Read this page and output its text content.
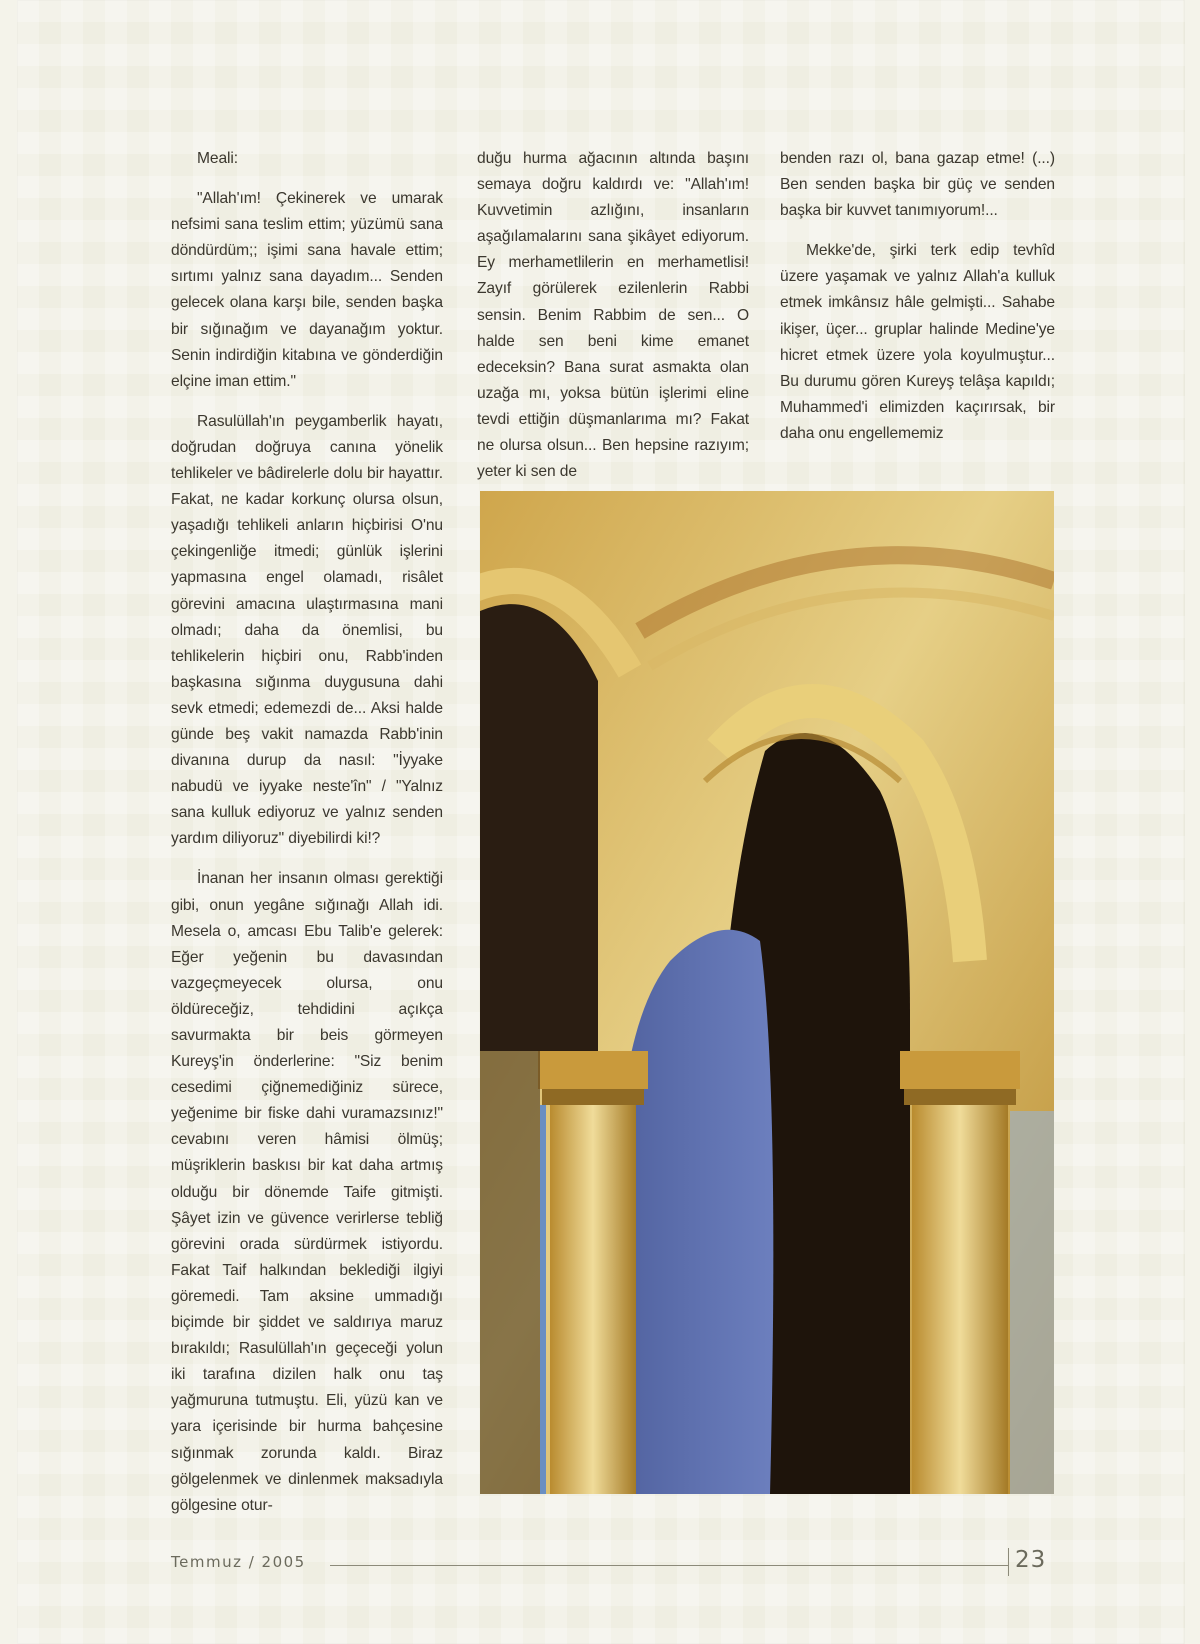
Meali:

"Allah'ım! Çekinerek ve umarak nefsimi sana teslim ettim; yüzümü sana döndürdüm;; işimi sana havale ettim; sırtımı yalnız sana dayadım... Senden gelecek olana karşı bile, senden başka bir sığınağım ve dayanağım yoktur. Senin indirdiğin kitabına ve gönderdiğin elçine iman ettim."

Rasulüllah'ın peygamberlik hayatı, doğrudan doğruya canına yönelik tehlikeler ve bâdirelerle dolu bir hayattır. Fakat, ne kadar korkunç olursa olsun, yaşadığı tehlikeli anların hiçbirisi O'nu çekingenliğe itmedi; günlük işlerini yapmasına engel olamadı, risâlet görevini amacına ulaştırmasına mani olmadı; daha da önemlisi, bu tehlikelerin hiçbiri onu, Rabb'inden başkasına sığınma duygusuna dahi sevk etmedi; edemezdi de... Aksi halde günde beş vakit namazda Rabb'inin divanına durup da nasıl: "İyyake nabudü ve iyyake neste'în" / "Yalnız sana kulluk ediyoruz ve yalnız senden yardım diliyoruz" diyebilirdi ki!?

İnanan her insanın olması gerektiği gibi, onun yegâne sığınağı Allah idi. Mesela o, amcası Ebu Talib'e gelerek: Eğer yeğenin bu davasından vazgeçmeyecek olursa, onu öldüreceğiz, tehdidini açıkça savurmakta bir beis görmeyen Kureyş'in önderlerine: "Siz benim cesedimi çiğnemediğiniz sürece, yeğenime bir fiske dahi vuramazsınız!" cevabını veren hâmisi ölmüş; müşriklerin baskısı bir kat daha artmış olduğu bir dönemde Taife gitmişti. Şâyet izin ve güvence verirlerse tebliğ görevini orada sürdürmek istiyordu. Fakat Taif halkından beklediği ilgiyi göremedi. Tam aksine ummadığı biçimde bir şiddet ve saldırıya maruz bırakıldı; Rasulüllah'ın geçeceği yolun iki tarafına dizilen halk onu taş yağmuruna tutmuştu. Eli, yüzü kan ve yara içerisinde bir hurma bahçesine sığınmak zorunda kaldı. Biraz gölgelenmek ve dinlenmek maksadıyla gölgesine otur-

duğu hurma ağacının altında başını semaya doğru kaldırdı ve: "Allah'ım! Kuvvetimin azlığını, insanların aşağılamalarını sana şikâyet ediyorum. Ey merhametlilerin en merhametlisi! Zayıf görülerek ezilenlerin Rabbi sensin. Benim Rabbim de sen... O halde sen beni kime emanet edeceksin? Bana surat asmakta olan uzağa mı, yoksa bütün işlerimi eline tevdi ettiğin düşmanlarıma mı? Fakat ne olursa olsun... Ben hepsine razıyım; yeter ki sen de

benden razı ol, bana gazap etme! (...) Ben senden başka bir güç ve senden başka bir kuvvet tanımıyorum!...

Mekke'de, şirki terk edip tevhîd üzere yaşamak ve yalnız Allah'a kulluk etmek imkânsız hâle gelmişti... Sahabe ikişer, üçer... gruplar halinde Medine'ye hicret etmek üzere yola koyulmuştur... Bu durumu gören Kureyş telâşa kapıldı; Muhammed'i elimizden kaçırırsak, bir daha onu engellememiz

Temmuz / 2005	23
